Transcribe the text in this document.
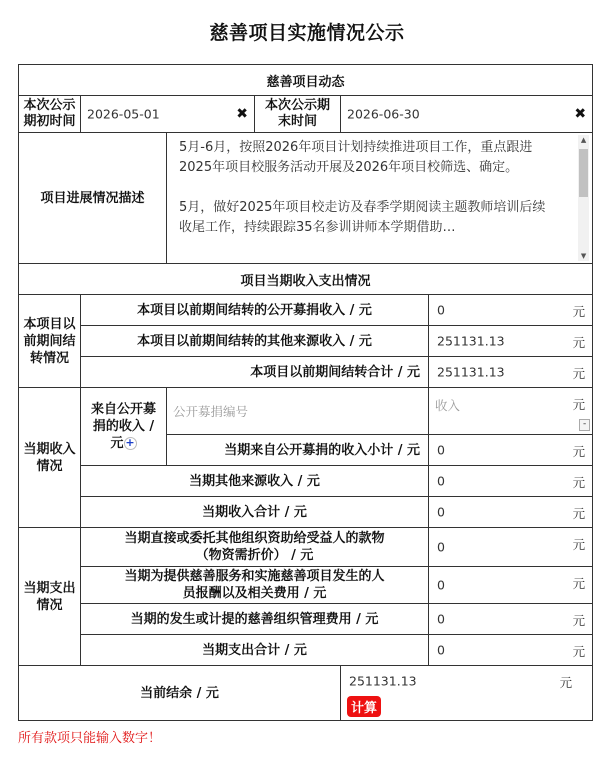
慈善项目实施情况公示
慈善项目动态					
本次公示期初时间	2026-05-01 ✖		本次公示期末时间	2026-06-30 ✖	

项目进展情况描述		5月-6月，按照2026年项目计划持续推进项目工作，重点跟进2025年项目校服务活动开展及2026年项目校筛选、确定。

5月，做好2025年项目校走访及春季学期阅读主题教师培训后续收尾工作，持续跟踪35名参训讲师本学期借助…

▲
▼			

项目当期收入支出情况					
本项目以前期间结转情况	本项目以前期间结转的公开募捐收入 / 元				0 元

	本项目以前期间结转的其他来源收入 / 元				251131.13 元

	本项目以前期间结转合计 / 元				251131.13 元

当期收入情况	来自公开募捐的收入 / 元 +	公开募捐编号			收入 元
-

		当期来自公开募捐的收入小计 / 元			0 元

	当期其他来源收入 / 元				0 元

	当期收入合计 / 元				0 元

当期支出情况	当期直接或委托其他组织资助给受益人的款物（物资需折价） / 元				0 元

	当期为提供慈善服务和实施慈善项目发生的人员报酬以及相关费用 / 元				0 元

	当期的发生或计提的慈善组织管理费用 / 元				0 元

	当期支出合计 / 元				0 元

当前结余 / 元				251131.13 元
计算	
所有款项只能输入数字！
